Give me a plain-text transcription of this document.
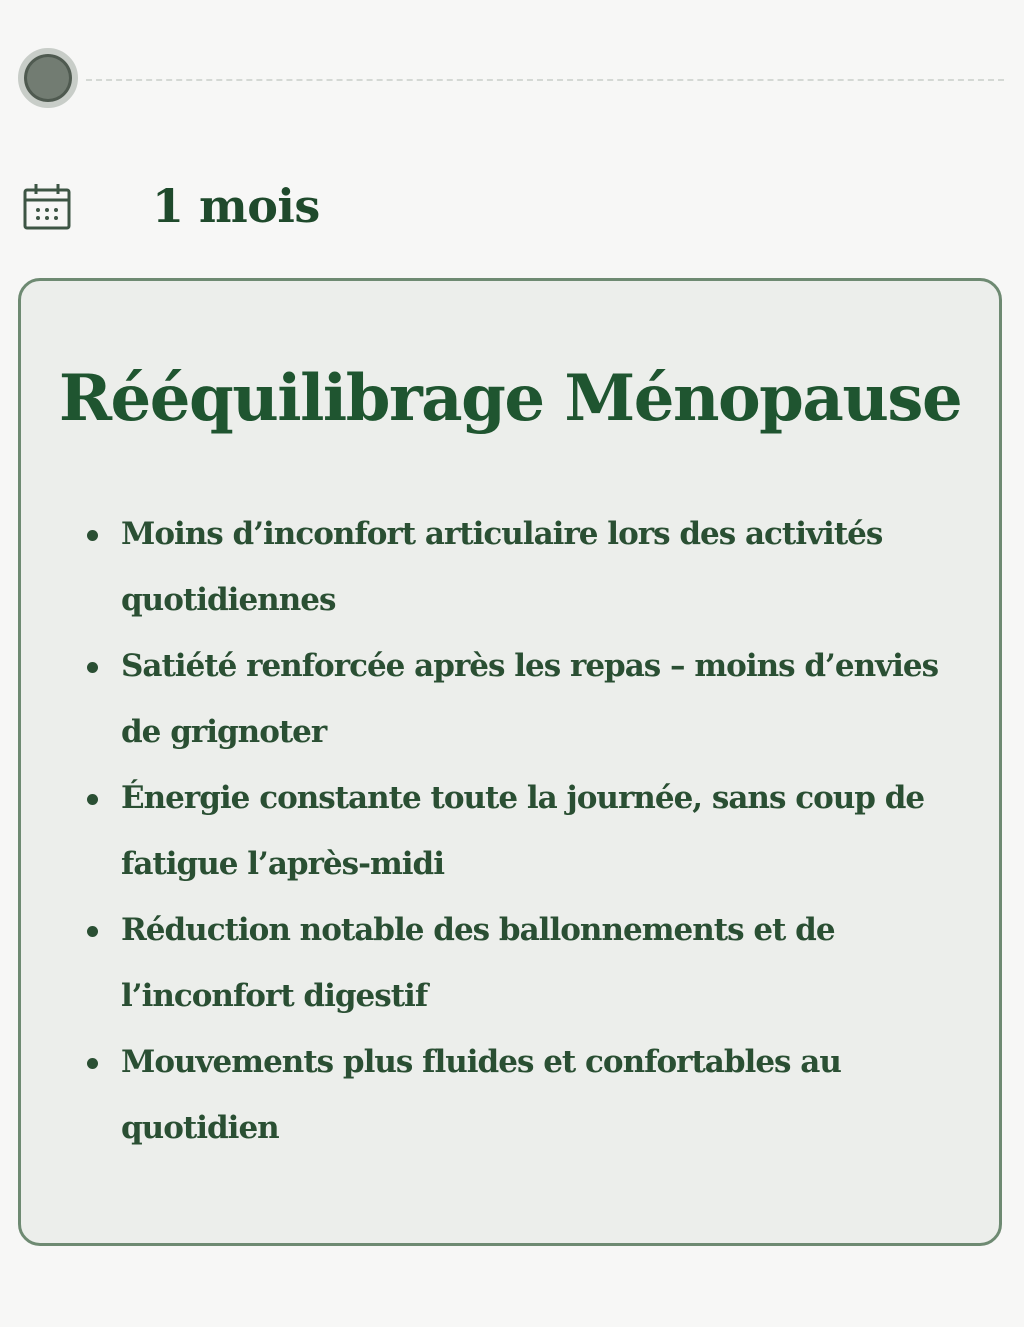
1 mois
Rééquilibrage Ménopause
Moins d’inconfort articulaire lors des activités quotidiennes
Satiété renforcée après les repas – moins d’envies de grignoter
Énergie constante toute la journée, sans coup de fatigue l’après-midi
Réduction notable des ballonnements et de l’inconfort digestif
Mouvements plus fluides et confortables au quotidien
